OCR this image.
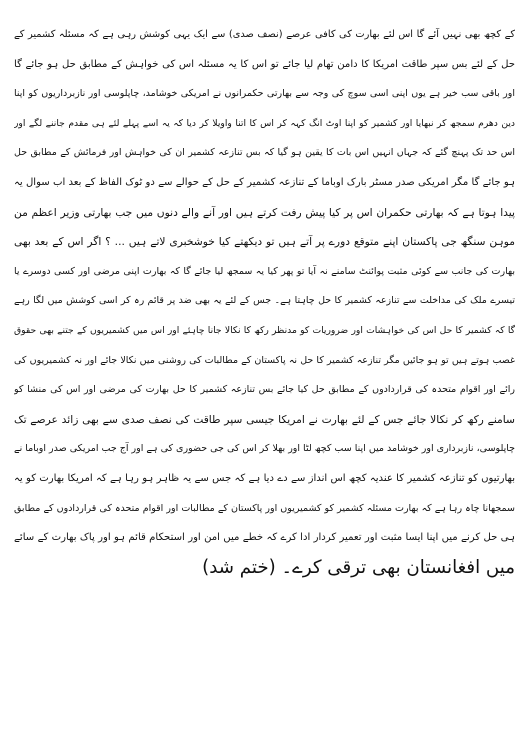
کے کچھ بھی نہیں آئے گا اس لئے بھارت کی کافی عرصے (نصف صدی) سے ایک یہی کوشش رہی ہے کہ مسئلہ کشمیر کے
حل کے لئے بس سپر طاقت امریکا کا دامن تھام لیا جائے تو اس کا یہ مسئلہ اس کی خواہش کے مطابق حل ہو جائے گا
اور باقی سب خیر ہے یوں اپنی اسی سوچ کی وجہ سے بھارتی حکمرانوں نے امریکی خوشامد، چاپلوسی اور نازبرداریوں کو اپنا
دین دھرم سمجھ کر نبھایا اور کشمیر کو اپنا اوٹ انگ کہہ کر اس کا اتنا واویلا کر دیا کہ یہ اسے پہلے لئے ہی مقدم جاننے لگے اور
اس حد تک پہنچ گئے کہ جہاں انہیں اس بات کا یقین ہو گیا کہ بس تنازعہ کشمیر ان کی خواہش اور فرمائش کے مطابق حل
ہو جائے گا مگر امریکی صدر مسٹر بارک اوباما کے تنازعہ کشمیر کے حل کے حوالے سے دو ٹوک الفاظ کے بعد اب سوال یہ
پیدا ہوتا ہے کہ بھارتی حکمران اس پر کیا پیش رفت کرتے ہیں اور آنے والے دنوں میں جب بھارتی وزیر اعظم من
موہن سنگھ جی پاکستان اپنے متوقع دورے پر آتے ہیں تو دیکھتے کیا خوشخبری لاتے ہیں ... ؟ اگر اس کے بعد بھی
بھارت کی جانب سے کوئی مثبت پوائنٹ سامنے نہ آیا تو پھر کیا یہ سمجھ لیا جائے گا کہ بھارت اپنی مرضی اور کسی دوسرے یا
تیسرے ملک کی مداخلت سے تنازعہ کشمیر کا حل چاہتا ہے۔ جس کے لئے یہ بھی ضد پر قائم رہ کر اسی کوشش میں لگا رہے
گا کہ کشمیر کا حل اس کی خواہشات اور ضروریات کو مدنظر رکھ کا نکالا جانا چاہئے اور اس میں کشمیریوں کے جتنے بھی حقوق
غصب ہوتے ہیں تو ہو جائیں مگر تنازعہ کشمیر کا حل نہ پاکستان کے مطالبات کی روشنی میں نکالا جائے اور نہ کشمیریوں کی
رائے اور اقوام متحدہ کی قراردادوں کے مطابق حل کیا جائے بس تنازعہ کشمیر کا حل بھارت کی مرضی اور اس کی منشا کو
سامنے رکھ کر نکالا جائے جس کے لئے بھارت نے امریکا جیسی سپر طاقت کی نصف صدی سے بھی زائد عرصے تک
چاپلوسی، نازبرداری اور خوشامد میں اپنا سب کچھ لٹا اور بھلا کر اس کی جی حضوری کی ہے اور آج جب امریکی صدر اوباما نے
بھارتیوں کو تنازعہ کشمیر کا عندیہ کچھ اس انداز سے دے دیا ہے کہ جس سے یہ ظاہر ہو رہا ہے کہ امریکا بھارت کو یہ
سمجھانا چاہ رہا ہے کہ بھارت مسئلہ کشمیر کو کشمیریوں اور پاکستان کے مطالبات اور اقوام متحدہ کی قراردادوں کے مطابق
ہی حل کرنے میں اپنا ایسا مثبت اور تعمیر کردار ادا کرے کہ خطے میں امن اور استحکام قائم ہو اور پاک بھارت کے سائے
میں افغانستان بھی ترقی کرے۔ (ختم شد)
